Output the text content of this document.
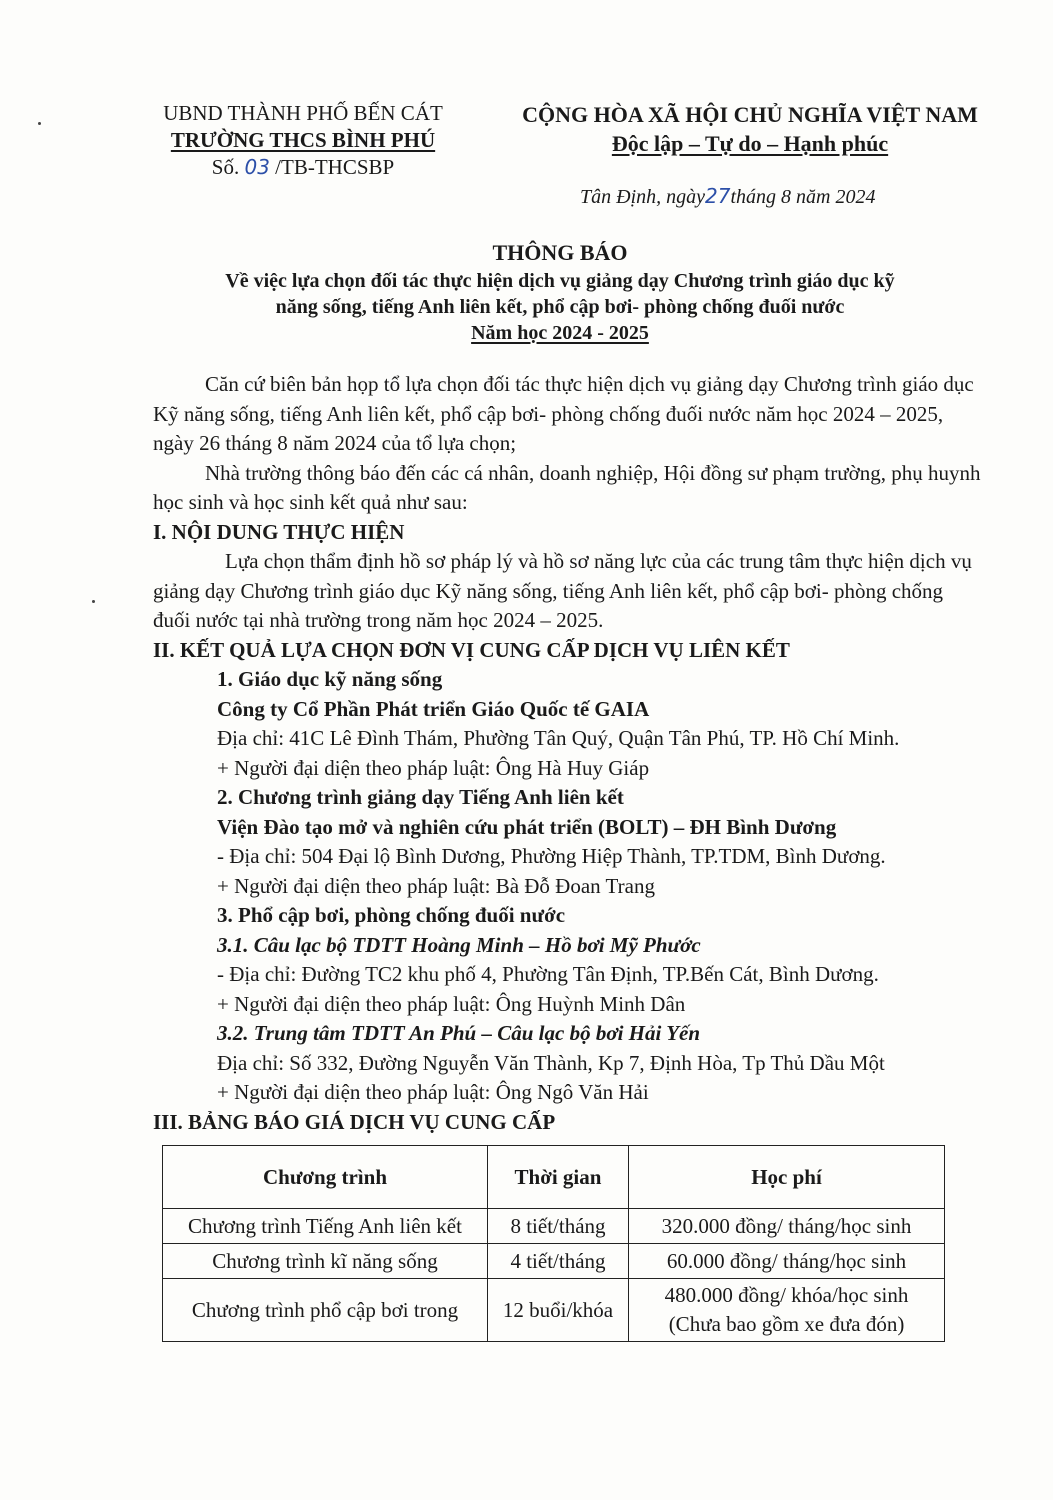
UBND THÀNH PHỐ BẾN CÁT
TRƯỜNG THCS BÌNH PHÚ
Số. 03 /TB-THCSBP
CỘNG HÒA XÃ HỘI CHỦ NGHĨA VIỆT NAM
Độc lập – Tự do – Hạnh phúc
Tân Định, ngày27tháng 8 năm 2024
THÔNG BÁO
Về việc lựa chọn đối tác thực hiện dịch vụ giảng dạy Chương trình giáo dục kỹ
năng sống, tiếng Anh liên kết, phổ cập bơi- phòng chống đuối nước
Năm học 2024 - 2025

Căn cứ biên bản họp tổ lựa chọn đối tác thực hiện dịch vụ giảng dạy Chương trình giáo dục Kỹ năng sống, tiếng Anh liên kết, phổ cập bơi- phòng chống đuối nước năm học 2024 – 2025, ngày 26 tháng 8 năm 2024 của tổ lựa chọn;

Nhà trường thông báo đến các cá nhân, doanh nghiệp, Hội đồng sư phạm trường, phụ huynh học sinh và học sinh kết quả như sau:

I. NỘI DUNG THỰC HIỆN

Lựa chọn thẩm định hồ sơ pháp lý và hồ sơ năng lực của các trung tâm thực hiện dịch vụ giảng dạy Chương trình giáo dục Kỹ năng sống, tiếng Anh liên kết, phổ cập bơi- phòng chống đuối nước tại nhà trường trong năm học 2024 – 2025.

II. KẾT QUẢ LỰA CHỌN ĐƠN VỊ CUNG CẤP DỊCH VỤ LIÊN KẾT

1. Giáo dục kỹ năng sống

Công ty Cổ Phần Phát triển Giáo Quốc tế GAIA

Địa chỉ: 41C Lê Đình Thám, Phường Tân Quý, Quận Tân Phú, TP. Hồ Chí Minh.

+ Người đại diện theo pháp luật: Ông Hà Huy Giáp

2. Chương trình giảng dạy Tiếng Anh liên kết

Viện Đào tạo mở và nghiên cứu phát triển (BOLT) – ĐH Bình Dương

- Địa chỉ: 504 Đại lộ Bình Dương, Phường Hiệp Thành, TP.TDM, Bình Dương.

+ Người đại diện theo pháp luật: Bà Đỗ Đoan Trang

3. Phổ cập bơi, phòng chống đuối nước

3.1. Câu lạc bộ TDTT Hoàng Minh – Hồ bơi Mỹ Phước

- Địa chỉ: Đường TC2 khu phố 4, Phường Tân Định, TP.Bến Cát, Bình Dương.

+ Người đại diện theo pháp luật: Ông Huỳnh Minh Dân

3.2. Trung tâm TDTT An Phú – Câu lạc bộ bơi Hải Yến

Địa chỉ: Số 332, Đường Nguyễn Văn Thành, Kp 7, Định Hòa, Tp Thủ Dầu Một

+ Người đại diện theo pháp luật: Ông Ngô Văn Hải

III. BẢNG BÁO GIÁ DỊCH VỤ CUNG CẤP

Chương trình	Thời gian	Học phí
Chương trình Tiếng Anh liên kết	8 tiết/tháng	320.000 đồng/ tháng/học sinh
Chương trình kĩ năng sống	4 tiết/tháng	60.000 đồng/ tháng/học sinh
Chương trình phổ cập bơi trong	12 buổi/khóa	480.000 đồng/ khóa/học sinh
(Chưa bao gồm xe đưa đón)
